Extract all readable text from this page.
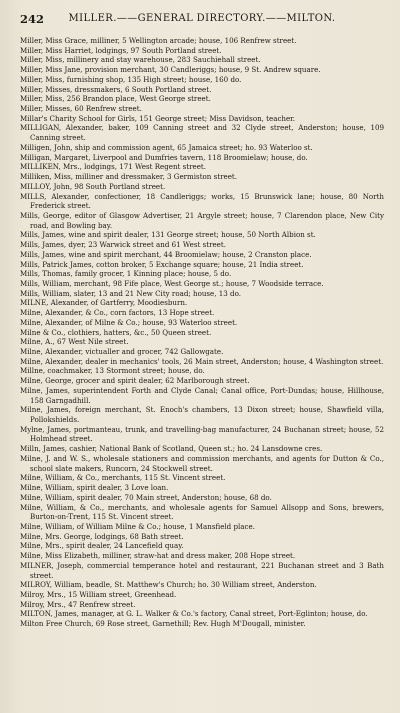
242	MILLER.——GENERAL DIRECTORY.——MILTON.
Miller, Miss Grace, milliner, 5 Wellington arcade; house, 106 Renfrew street.
Miller, Miss Harriet, lodgings, 97 South Portland street.
Miller, Miss, millinery and stay warehouse, 283 Sauchiehall street.
Miller, Miss Jane, provision merchant, 30 Candleriggs; house, 9 St. Andrew square.
Miller, Miss, furnishing shop, 135 High street; house, 160 do.
Miller, Misses, dressmakers, 6 South Portland street.
Miller, Miss, 256 Brandon place, West George street.
Miller, Misses, 60 Renfrew street.
Millar's Charity School for Girls, 151 George street; Miss Davidson, teacher.
MILLIGAN, Alexander, baker, 109 Canning street and 32 Clyde street, Anderston; house, 109 Canning street.
Milligen, John, ship and commission agent, 65 Jamaica street; ho. 93 Waterloo st.
Milligan, Margaret, Liverpool and Dumfries tavern, 118 Broomielaw; house, do.
MILLIKEN, Mrs., lodgings, 171 West Regent street.
Milliken, Miss, milliner and dressmaker, 3 Germiston street.
MILLOY, John, 98 South Portland street.
MILLS, Alexander, confectioner, 18 Candleriggs; works, 15 Brunswick lane; house, 80 North Frederick street.
Mills, George, editor of Glasgow Advertiser, 21 Argyle street; house, 7 Clarendon place, New City road, and Bowling bay.
Mills, James, wine and spirit dealer, 131 George street; house, 50 North Albion st.
Mills, James, dyer, 23 Warwick street and 61 West street.
Mills, James, wine and spirit merchant, 44 Broomielaw; house, 2 Cranston place.
Mills, Patrick James, cotton broker, 5 Exchange square; house, 21 India street.
Mills, Thomas, family grocer, 1 Kinning place; house, 5 do.
Mills, William, merchant, 98 Fife place, West George st.; house, 7 Woodside terrace.
Mills, William, slater, 13 and 21 New City road; house, 13 do.
MILNE, Alexander, of Gartferry, Moodiesburn.
Milne, Alexander, & Co., corn factors, 13 Hope street.
Milne, Alexander, of Milne & Co.; house, 93 Waterloo street.
Milne & Co., clothiers, hatters, &c., 50 Queen street.
Milne, A., 67 West Nile street.
Milne, Alexander, victualler and grocer, 742 Gallowgate.
Milne, Alexander, dealer in mechanics' tools, 26 Main street, Anderston; house, 4 Washington street.
Millne, coachmaker, 13 Stormont street; house, do.
Milne, George, grocer and spirit dealer, 62 Marlborough street.
Milne, James, superintendent Forth and Clyde Canal; Canal office, Port-Dundas; house, Hillhouse, 158 Garngadhill.
Milne, James, foreign merchant, St. Enoch's chambers, 13 Dixon street; house, Shawfield villa, Pollokshields.
Mylne, James, portmanteau, trunk, and travelling-bag manufacturer, 24 Buchanan street; house, 52 Holmhead street.
Milln, James, cashier, National Bank of Scotland, Queen st.; ho. 24 Lansdowne cres.
Milne, J. and W. S., wholesale stationers and commission merchants, and agents for Dutton & Co., school slate makers, Runcorn, 24 Stockwell street.
Milne, William, & Co., merchants, 115 St. Vincent street.
Milne, William, spirit dealer, 3 Love loan.
Milne, William, spirit dealer, 70 Main street, Anderston; house, 68 do.
Milne, William, & Co., merchants, and wholesale agents for Samuel Allsopp and Sons, brewers, Burton-on-Trent, 115 St. Vincent street.
Milne, William, of William Milne & Co.; house, 1 Mansfield place.
Milne, Mrs. George, lodgings, 68 Bath street.
Milne, Mrs., spirit dealer, 24 Lancefield quay.
Milne, Miss Elizabeth, milliner, straw-hat and dress maker, 208 Hope street.
MILNER, Joseph, commercial temperance hotel and restaurant, 221 Buchanan street and 3 Bath street.
MILROY, William, beadle, St. Matthew's Church; ho. 30 William street, Anderston.
Milroy, Mrs., 15 William street, Greenhead.
Milroy, Mrs., 47 Renfrew street.
MILTON, James, manager, at G. L. Walker & Co.'s factory, Canal street, Port-Eglinton; house, do.
Milton Free Church, 69 Rose street, Garnethill; Rev. Hugh M'Dougall, minister.
